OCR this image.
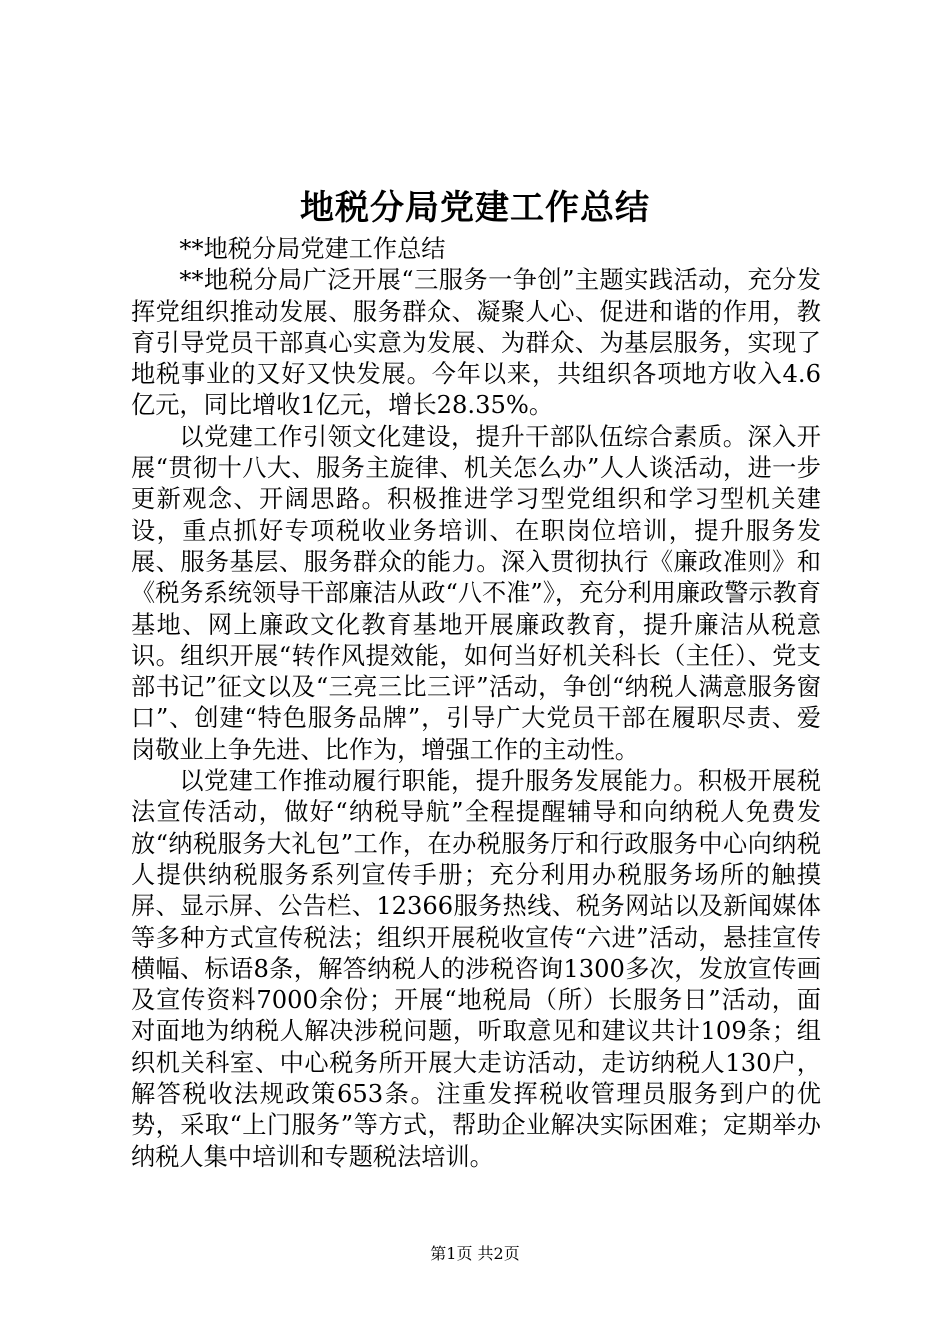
地税分局党建工作总结

**地税分局党建工作总结

**地税分局广泛开展“三服务一争创”主题实践活动，充分发挥党组织推动发展、服务群众、凝聚人心、促进和谐的作用，教育引导党员干部真心实意为发展、为群众、为基层服务，实现了地税事业的又好又快发展。今年以来，共组织各项地方收入4.6亿元，同比增收1亿元，增长28.35%。

以党建工作引领文化建设，提升干部队伍综合素质。深入开展“贯彻十八大、服务主旋律、机关怎么办”人人谈活动，进一步更新观念、开阔思路。积极推进学习型党组织和学习型机关建设，重点抓好专项税收业务培训、在职岗位培训，提升服务发展、服务基层、服务群众的能力。深入贯彻执行《廉政准则》和《税务系统领导干部廉洁从政“八不准”》，充分利用廉政警示教育基地、网上廉政文化教育基地开展廉政教育，提升廉洁从税意识。组织开展“转作风提效能，如何当好机关科长（主任）、党支部书记”征文以及“三亮三比三评”活动，争创“纳税人满意服务窗口”、创建“特色服务品牌”，引导广大党员干部在履职尽责、爱岗敬业上争先进、比作为，增强工作的主动性。

以党建工作推动履行职能，提升服务发展能力。积极开展税法宣传活动，做好“纳税导航”全程提醒辅导和向纳税人免费发放“纳税服务大礼包”工作，在办税服务厅和行政服务中心向纳税人提供纳税服务系列宣传手册；充分利用办税服务场所的触摸屏、显示屏、公告栏、12366服务热线、税务网站以及新闻媒体等多种方式宣传税法；组织开展税收宣传“六进”活动，悬挂宣传横幅、标语8条，解答纳税人的涉税咨询1300多次，发放宣传画及宣传资料7000余份；开展“地税局（所）长服务日”活动，面对面地为纳税人解决涉税问题，听取意见和建议共计109条；组织机关科室、中心税务所开展大走访活动，走访纳税人130户，解答税收法规政策653条。注重发挥税收管理员服务到户的优势，采取“上门服务”等方式，帮助企业解决实际困难；定期举办纳税人集中培训和专题税法培训。

第1页 共2页
